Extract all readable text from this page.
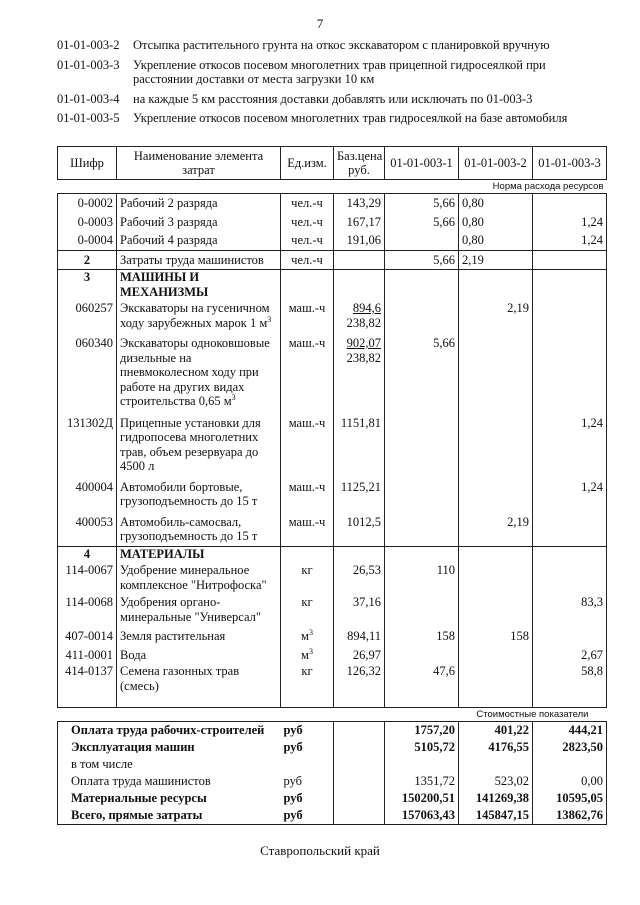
7
01-01-003-2	Отсыпка растительного грунта на откос экскаватором с планировкой вручную
01-01-003-3	Укрепление откосов посевом многолетних трав прицепной гидросеялкой при расстоянии доставки от места загрузки 10 км
01-01-003-4	на каждые 5 км расстояния доставки добавлять или исключать по 01-003-3
01-01-003-5	Укрепление откосов посевом многолетних трав гидросеялкой на базе автомобиля
Шифр	Наименование элемента затрат	Ед.изм.	Баз.цена руб.	01-01-003-1	01-01-003-2	01-01-003-3
Норма расхода ресурсов						
0-0002	Рабочий 2 разряда	чел.-ч	143,29	5,66	0,80	
0-0003	Рабочий 3 разряда	чел.-ч	167,17	5,66	0,80	1,24
0-0004	Рабочий 4 разряда	чел.-ч	191,06		0,80	1,24
2	Затраты труда машинистов	чел.-ч		5,66	2,19	
3	МАШИНЫ И МЕХАНИЗМЫ					
060257	Экскаваторы на гусеничном ходу зарубежных марок 1 $м^3$	маш.-ч	894,6
238,82		2,19	
060340	Экскаваторы одноковшовые дизельные на пневмоколесном ходу при работе на других видах строительства 0,65 $м^3$	маш.-ч	902,07
238,82	5,66		
131302Д	Прицепные установки для гидропосева многолетних трав, объем резервуара до 4500 л	маш.-ч	1151,81			1,24
400004	Автомобили бортовые, грузоподъемность до 15 т	маш.-ч	1125,21			1,24
400053	Автомобиль-самосвал, грузоподъемность до 15 т	маш.-ч	1012,5		2,19	
4	МАТЕРИАЛЫ					
114-0067	Удобрение минеральное комплексное "Нитрофоска"	кг	26,53	110		
114-0068	Удобрения органо-минеральные "Универсал"	кг	37,16			83,3
407-0014	Земля растительная	$м^3$	894,11	158	158	
411-0001	Вода	$м^3$	26,97			2,67
414-0137	Семена газонных трав (смесь)	кг	126,32	47,6		58,8
Стоимостные показатели						
Оплата труда рабочих-строителей		руб		1757,20	401,22	444,21
Эксплуатация машин		руб		5105,72	4176,55	2823,50
в том числе						
Оплата труда машинистов		руб		1351,72	523,02	0,00
Материальные ресурсы		руб		150200,51	141269,38	10595,05
Всего, прямые затраты		руб		157063,43	145847,15	13862,76
Ставропольский край
